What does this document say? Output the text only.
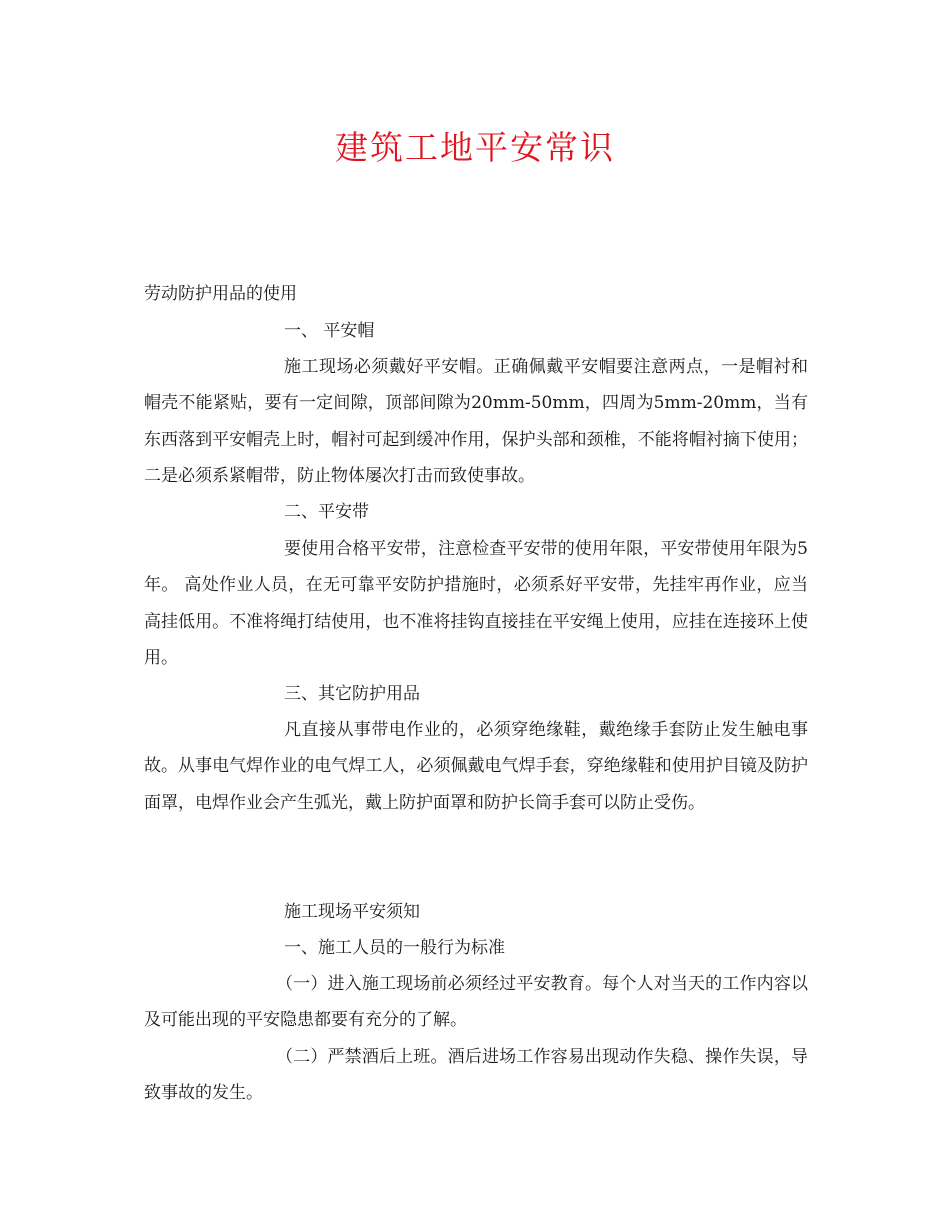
建筑工地平安常识
劳动防护用品的使用
一、 平安帽
施工现场必须戴好平安帽。正确佩戴平安帽要注意两点，一是帽衬和帽壳不能紧贴，要有一定间隙，顶部间隙为20mm-50mm，四周为5mm-20mm，当有东西落到平安帽壳上时，帽衬可起到缓冲作用，保护头部和颈椎，不能将帽衬摘下使用；二是必须系紧帽带，防止物体屡次打击而致使事故。
二、平安带
要使用合格平安带，注意检查平安带的使用年限，平安带使用年限为5年。 高处作业人员，在无可靠平安防护措施时，必须系好平安带，先挂牢再作业，应当高挂低用。不准将绳打结使用，也不准将挂钩直接挂在平安绳上使用，应挂在连接环上使用。
三、其它防护用品
凡直接从事带电作业的，必须穿绝缘鞋，戴绝缘手套防止发生触电事故。从事电气焊作业的电气焊工人，必须佩戴电气焊手套，穿绝缘鞋和使用护目镜及防护面罩，电焊作业会产生弧光，戴上防护面罩和防护长筒手套可以防止受伤。
施工现场平安须知
一、施工人员的一般行为标准
（一）进入施工现场前必须经过平安教育。每个人对当天的工作内容以及可能出现的平安隐患都要有充分的了解。
（二）严禁酒后上班。酒后进场工作容易出现动作失稳、操作失误，导致事故的发生。
